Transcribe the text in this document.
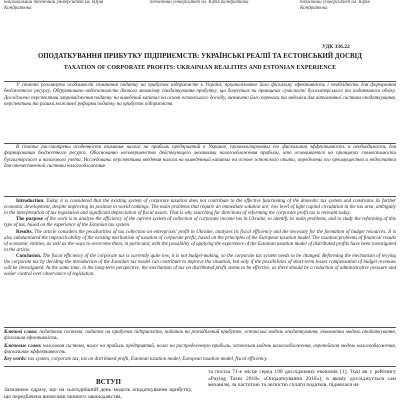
національний технічний університет ім. Юрія Кондратюка
технічний університет ім. Юрія Кондратюка	технічний університет ім. Юрія Кондратюка
УДК 336.22
ОПОДАТКУВАННЯ ПРИБУТКУ ПІДПРИЄМСТВ: УКРАЇНСЬКІ РЕАЛІЇ ТА ЕСТОНСЬКИЙ ДОСВІД
TAXATION OF CORPORATE PROFITS: UKRAINIAN REALITIES AND ESTONIAN EXPERIENCE

У статті розглянуто особливості стягнення податку на прибуток підприємств в Україні, проаналізовано його фіскальну ефективність і необхідність для формування бюджетного ресурсу. Обґрунтовано недосконалість діючого механізму оподаткування прибутку, що базується на принципах сумісності бухгалтерського та податкового обліку. Досліджено перспективи запровадження податку на виведений капітал на основі естонського досвіду, визначено його переваги та недоліки для вітчизняної системи оподаткування, перспективи та ризики можливої реформи податку на прибуток підприємств.

В статье рассмотрены особенности взимания налога на прибыль предприятий в Украине, проанализированы его фискальная эффективность и необходимость для формирования бюджетного ресурса. Обоснованно несовершенство действующего механизма налогообложения прибыли, что основывается на принципах совместимости бухгалтерского и налогового учета. Исследованы перспективы введения налога на выведенный капитал на основе эстонского опыта, определены его преимущества и недостатки для отечественной системы налогообложения.

Introduction. Today it is considered that the existing system of corporate taxation does not contribute to the effective functioning of the domestic tax system and constrains its further economic development, despite improving its position in world rankings. The main problems that require an immediate solution are: low level of light capital circulation in the tax area, ambiguity in the interpretation of tax legislation and significant depreciation of fiscal assets. That is why searching for directions of reforming the corporate profit tax is relevant today.

The purpose of the work is to analyze the efficiency of the current system of collection of corporate income tax in Ukraine, to identify its main problems, and to study the reforming of this type of tax, based on the experience of the Estonian tax system.

Results. The article considers the peculiarities of tax collection on enterprises' profit in Ukraine, analyzes its fiscal efficiency and the necessity for the formation of budget resources. It is also substantiated the impracticability of the existing mechanism of taxation of corporate profit, based on the principles of the European taxation model. The taxation problems of financial results of economic entities, as well as the ways to overcome them, in particular, with the possibility of applying the experience of the Estonian taxation model of distributed profits have been investigated in the article.

Conclusion. The fiscal efficiency of the corporate tax is currently quite low, it is not budget-making, so the corporate tax system needs to be changed. Reforming the mechanism of levying the corporate tax by deciding the introduction of the Estonian tax model can contribute to improve the situation, but only if the possibilities of short-term losses compensation of budget revenues will be investigated. At the same time, in the long-term perspective, the mechanism of tax on distributed profit seems to be effective, as there should be a reduction of administrative pressure and easier control over observance of legislation.

Ключові слова: податкова система, податок на прибуток підприємств, податок на розподілений прибуток, естонська модель оподаткування, економічна модель оподаткування, фіскальна ефективність.
Ключевые слова: налоговая система, налог на прибыль предприятий, налог на распределенную прибыль, эстонская модель налогообложения, европейская модель налогообложения, фискальная эффективность.
Key words: tax system, corporate tax, tax on distributed profit, Estonian taxation model, European taxation model, fiscal efficiency.
ВСТУП

Зазначимо одразу, що на сьогоднішній день модель оподаткування прибутку, що передбачена вимогами чинного законодавства,

та посіла 71-е місце серед 190 досліджених економік [1]. Тоді як у рейтингу «Paying Taxes 2018» «Оподаткування 2018»), в якому досліджується сам механізм, за частотою та легкістю сплати податків, піднялася на
